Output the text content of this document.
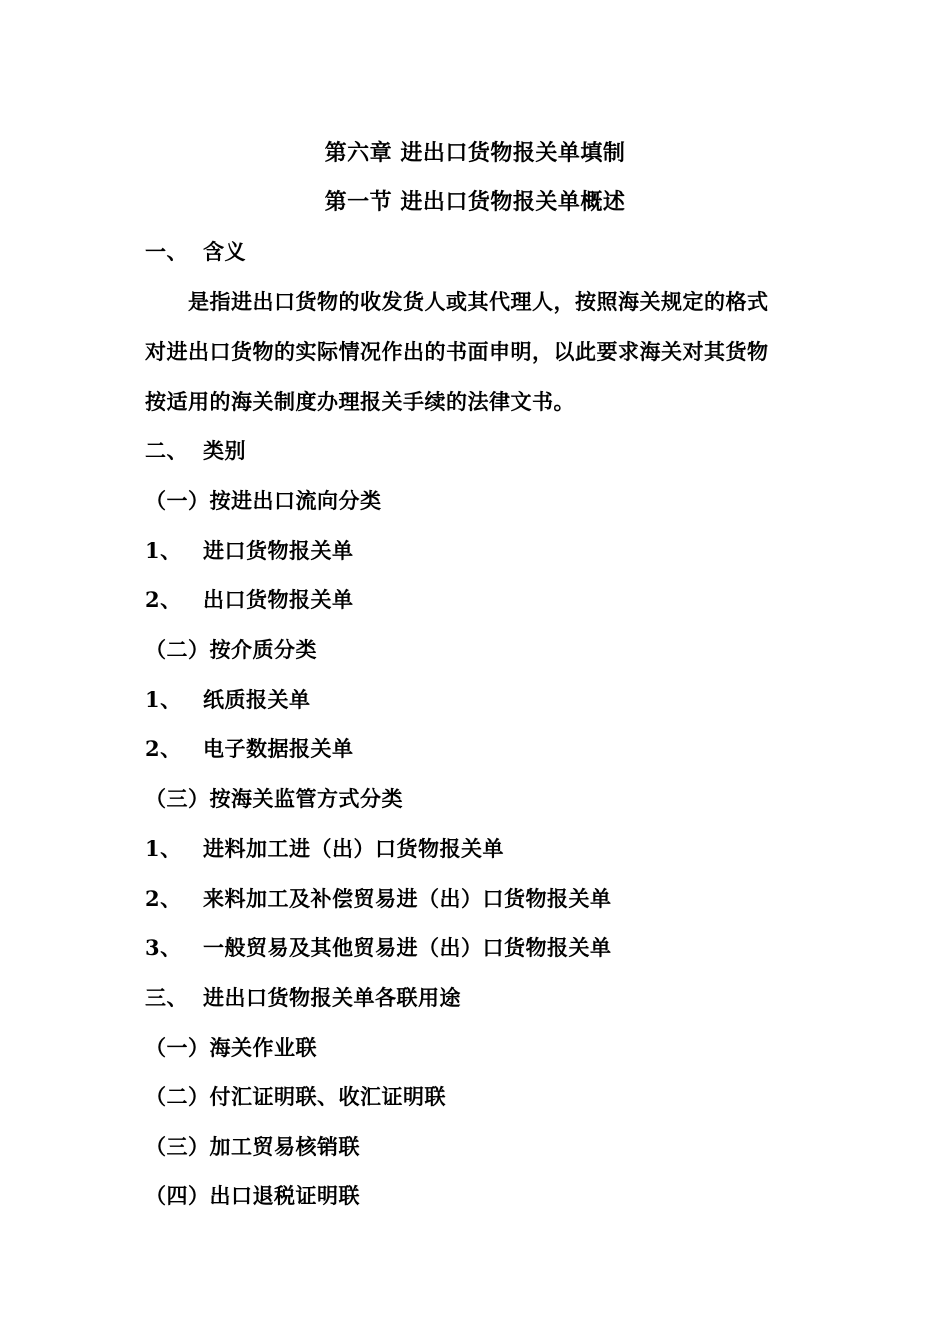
第六章 进出口货物报关单填制
第一节 进出口货物报关单概述
一、 含义
是指进出口货物的收发货人或其代理人，按照海关规定的格式
对进出口货物的实际情况作出的书面申明，以此要求海关对其货物
按适用的海关制度办理报关手续的法律文书。
二、 类别
（一）按进出口流向分类
1、 进口货物报关单
2、 出口货物报关单
（二）按介质分类
1、 纸质报关单
2、 电子数据报关单
（三）按海关监管方式分类
1、 进料加工进（出）口货物报关单
2、 来料加工及补偿贸易进（出）口货物报关单
3、 一般贸易及其他贸易进（出）口货物报关单
三、 进出口货物报关单各联用途
（一）海关作业联
（二）付汇证明联、收汇证明联
（三）加工贸易核销联
（四）出口退税证明联
